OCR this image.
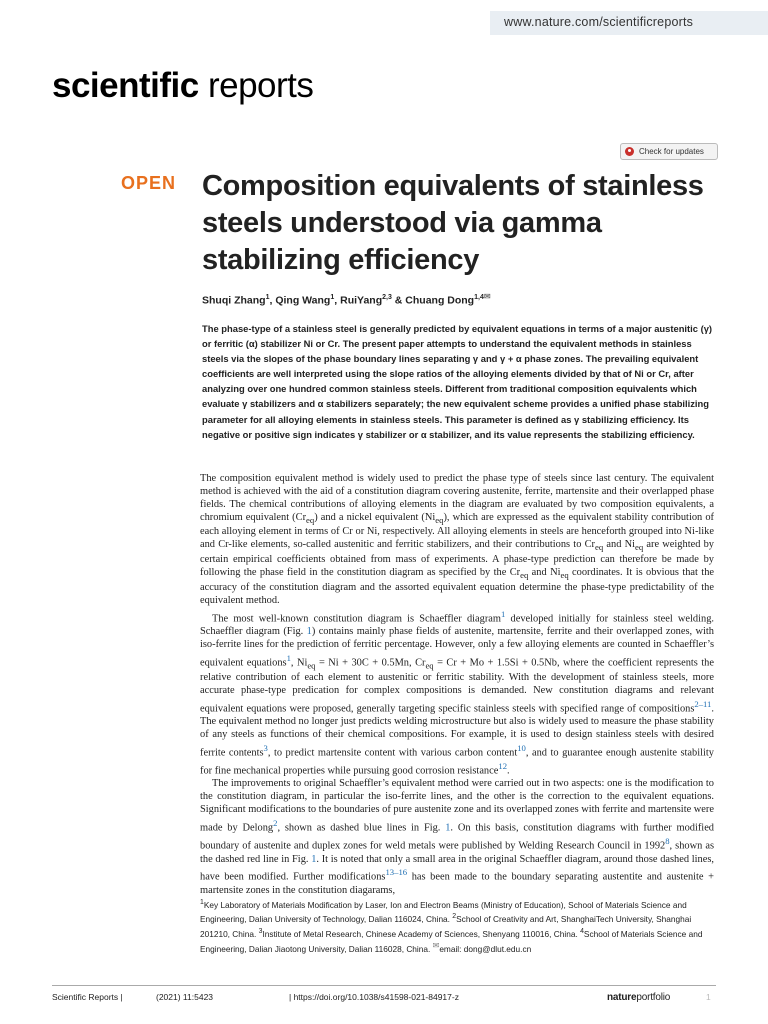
www.nature.com/scientificreports
scientific reports
Check for updates
OPEN Composition equivalents of stainless steels understood via gamma stabilizing efficiency
Shuqi Zhang$^1$, Qing Wang$^1$, RuiYang$^{2,3}$ & Chuang Dong$^{1,4✉}$
The phase-type of a stainless steel is generally predicted by equivalent equations in terms of a major austenitic (γ) or ferritic (α) stabilizer Ni or Cr. The present paper attempts to understand the equivalent methods in stainless steels via the slopes of the phase boundary lines separating γ and γ + α phase zones. The prevailing equivalent coefficients are well interpreted using the slope ratios of the alloying elements divided by that of Ni or Cr, after analyzing over one hundred common stainless steels. Different from traditional composition equivalents which evaluate γ stabilizers and α stabilizers separately; the new equivalent scheme provides a unified phase stabilizing parameter for all alloying elements in stainless steels. This parameter is defined as γ stabilizing efficiency. Its negative or positive sign indicates γ stabilizer or α stabilizer, and its value represents the stabilizing efficiency.

The composition equivalent method is widely used to predict the phase type of steels since last century. The equivalent method is achieved with the aid of a constitution diagram covering austenite, ferrite, martensite and their overlapped phase fields. The chemical contributions of alloying elements in the diagram are evaluated by two composition equivalents, a chromium equivalent $(Cr_{eq})$ and a nickel equivalent $(Ni_{eq})$, which are expressed as the equivalent stability contribution of each alloying element in terms of Cr or Ni, respectively. All alloying elements in steels are henceforth grouped into Ni-like and Cr-like elements, so-called austenitic and ferritic stabilizers, and their contributions to $Cr_{eq}$ and $Ni_{eq}$ are weighted by certain empirical coefficients obtained from mass of experiments. A phase-type prediction can therefore be made by following the phase field in the constitution diagram as specified by the $Cr_{eq}$ and $Ni_{eq}$ coordinates. It is obvious that the accuracy of the constitution diagram and the assorted equivalent equation determine the phase-type predictability of the equivalent method.

The most well-known constitution diagram is Schaeffler diagram$^1$ developed initially for stainless steel welding. Schaeffler diagram (Fig. 1) contains mainly phase fields of austenite, martensite, ferrite and their overlapped zones, with iso-ferrite lines for the prediction of ferritic percentage. However, only a few alloying elements are counted in Schaeffler’s equivalent equations$^1$, $Ni_{eq} = Ni + 30C + 0.5Mn$, $Cr_{eq} = Cr + Mo + 1.5Si + 0.5Nb$, where the coefficient represents the relative contribution of each element to austenitic or ferritic stability. With the development of stainless steels, more accurate phase-type predication for complex compositions is demanded. New constitution diagrams and relevant equivalent equations were proposed, generally targeting specific stainless steels with specified range of compositions$^{2-11}$. The equivalent method no longer just predicts welding microstructure but also is widely used to measure the phase stability of any steels as functions of their chemical compositions. For example, it is used to design stainless steels with desired ferrite contents$^3$, to predict martensite content with various carbon content$^{10}$, and to guarantee enough austenite stability for fine mechanical properties while pursuing good corrosion resistance$^{12}$.

The improvements to original Schaeffler’s equivalent method were carried out in two aspects: one is the modification to the constitution diagram, in particular the iso-ferrite lines, and the other is the correction to the equivalent equations. Significant modifications to the boundaries of pure austenite zone and its overlapped zones with ferrite and martensite were made by Delong$^2$, shown as dashed blue lines in Fig. 1. On this basis, constitution diagrams with further modified boundary of austenite and duplex zones for weld metals were published by Welding Research Council in 1992$^8$, shown as the dashed red line in Fig. 1. It is noted that only a small area in the original Schaeffler diagram, around those dashed lines, have been modified. Further modifications$^{13-16}$ has been made to the boundary separating austentite and austenite + martensite zones in the constitution diagarams,

$^1$Key Laboratory of Materials Modification by Laser, Ion and Electron Beams (Ministry of Education), School of Materials Science and Engineering, Dalian University of Technology, Dalian 116024, China. $^2$School of Creativity and Art, ShanghaiTech University, Shanghai 201210, China. $^3$Institute of Metal Research, Chinese Academy of Sciences, Shenyang 110016, China. $^4$School of Materials Science and Engineering, Dalian Jiaotong University, Dalian 116028, China. ✉email: dong@dlut.edu.cn
Scientific Reports |	(2021) 11:5423	| https://doi.org/10.1038/s41598-021-84917-z	natureportfolio	1
